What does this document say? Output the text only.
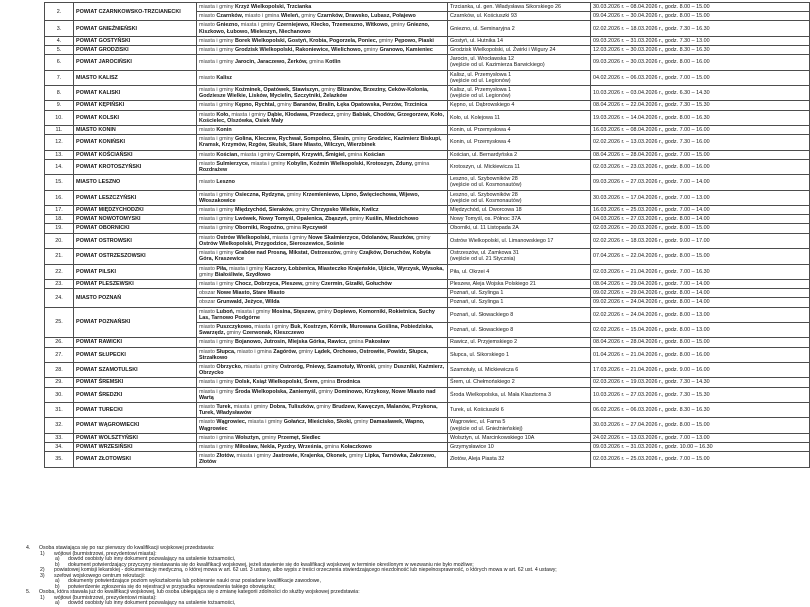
2.	POWIAT CZARNKOWSKO-TRZCIANECKI	miasta i gminy Krzyż Wielkopolski, Trzcianka	Trzcianka, ul. gen. Władysława Sikorskiego 26	30.03.2026 r. – 08.04.2026 r., godz. 8.00 – 15.00
		miasto Czarnków, miasto i gmina Wieleń, gminy Czarnków, Drawsko, Lubasz, Połajewo	Czarnków, ul. Kościuszki 93	09.04.2026 r. – 30.04.2026 r., godz. 8.00 – 15.00
3.	POWIAT GNIEŹNIEŃSKI	miasto Gniezno, miasta i gminy Czerniejewo, Kłecko, Trzemeszno, Witkowo, gminy Gniezno, Kiszkowo, Łubowo, Mieleszyn, Niechanowo	Gniezno, ul. Seminaryjna 2	02.02.2026 r. – 18.03.2026 r., godz. 7.30 – 16.30
4.	POWIAT GOSTYŃSKI	miasta i gminy Borek Wielkopolski, Gostyń, Krobia, Pogorzela, Poniec, gminy Pępowo, Piaski	Gostyń, ul. Hutnika 14	09.03.2026 r. – 31.03.2026 r., godz. 7.30 – 13.00
5.	POWIAT GRODZISKI	miasta i gminy Grodzisk Wielkopolski, Rakoniewice, Wielichowo, gminy Granowo, Kamieniec	Grodzisk Wielkopolski, ul. Żwirki i Wigury 24	12.03.2026 r. – 30.03.2026 r., godz. 8.30 – 16.30
6.	POWIAT JAROCIŃSKI	miasta i gminy Jarocin, Jaraczewo, Żerków, gmina Kotlin	Jarocin, ul. Wrocławska 12
(wejście od ul. Kazimierza Barwickiego)	09.03.2026 r. – 30.03.2026 r., godz. 8.00 – 16.00
7.	MIASTO KALISZ	miasto Kalisz	Kalisz, ul. Przemysłowa 1
(wejście od ul. Legionów)	04.02.2026 r. – 06.03.2026 r., godz. 7.00 – 15.00
8.	POWIAT KALISKI	miasta i gminy Koźminek, Opatówek, Stawiszyn, gminy Blizanów, Brzeziny, Ceków-Kolonia, Godziesze Wielkie, Lisków, Mycielin, Szczytniki, Żelazków	Kalisz, ul. Przemysłowa 1
(wejście od ul. Legionów)	10.03.2026 r. – 03.04.2026 r., godz. 6.30 – 14.30
9.	POWIAT KĘPIŃSKI	miasta i gminy Kępno, Rychtal, gminy Baranów, Bralin, Łęka Opatowska, Perzów, Trzcinica	Kępno, ul. Dąbrowskiego 4	08.04.2026 r. – 22.04.2026 r., godz. 7.30 – 15.30
10.	POWIAT KOLSKI	miasto Koło, miasta i gminy Dąbie, Kłodawa, Przedecz, gminy Babiak, Chodów, Grzegorzew, Koło, Kościelec, Olszówka, Osiek Mały	Koło, ul. Kolejowa 11	19.03.2026 r. – 14.04.2026 r., godz. 8.00 – 16.30
11.	MIASTO KONIN	miasto Konin	Konin, ul. Przemysłowa 4	16.03.2026 r. – 08.04.2026 r., godz. 7.00 – 16.00
12.	POWIAT KONIŃSKI	miasta i gminy Golina, Kleczew, Rychwał, Sompolno, Ślesin, gminy Grodziec, Kazimierz Biskupi, Kramsk, Krzymów, Rzgów, Skulsk, Stare Miasto, Wilczyn, Wierzbinek	Konin, ul. Przemysłowa 4	02.02.2026 r. – 13.03.2026 r., godz. 7.30 – 16.00
13.	POWIAT KOŚCIAŃSKI	miasto Kościan, miasta i gminy Czempiń, Krzywiń, Śmigiel, gmina Kościan	Kościan, ul. Bernardyńska 2	08.04.2026 r. – 28.04.2026 r., godz. 7.00 – 15.00
14.	POWIAT KROTOSZYŃSKI	miasto Sulmierzyce, miasta i gminy Kobylin, Koźmin Wielkopolski, Krotoszyn, Zduny, gmina Rozdrażew	Krotoszyn, ul. Mickiewicza 11	02.03.2026 r. – 23.03.2026 r., godz. 8.00 – 16.00
15.	MIASTO LESZNO	miasto Leszno	Leszno, ul. Szybowników 28
(wejście od ul. Kosmonautów)	09.03.2026 r. – 27.03.2026 r., godz. 7.00 – 14.00
16.	POWIAT LESZCZYŃSKI	miasta i gminy Osieczna, Rydzyna, gminy Krzemieniewo, Lipno, Święciechowa, Wijewo, Włoszakowice	Leszno, ul. Szybowników 28
(wejście od ul. Kosmonautów)	30.03.2026 r. – 17.04.2026 r., godz. 7.00 – 13.00
17.	POWIAT MIĘDZYCHODZKI	miasta i gminy Międzychód, Sieraków, gminy Chrzypsko Wielkie, Kwilcz	Międzychód, ul. Dworcowa 18	16.03.2026 r. – 25.03.2026 r., godz. 7.00 – 14.00
18.	POWIAT NOWOTOMYSKI	miasta i gminy Lwówek, Nowy Tomyśl, Opalenica, Zbąszyń, gminy Kuślin, Miedzichowo	Nowy Tomyśl, os. Północ 37A	04.03.2026 r. – 27.03.2026 r., godz. 8.00 – 14.00
19.	POWIAT OBORNICKI	miasta i gminy Oborniki, Rogoźno, gmina Ryczywół	Oborniki, ul. 11 Listopada 2A	02.03.2026 r. – 20.03.2026 r., godz. 8.00 – 15.00
20.	POWIAT OSTROWSKI	miasto Ostrów Wielkopolski, miasta i gminy Nowe Skalmierzyce, Odolanów, Raszków, gminy Ostrów Wielkopolski, Przygodzice, Sieroszewice, Sośnie	Ostrów Wielkopolski, ul. Limanowskiego 17	02.02.2026 r. – 18.03.2026 r., godz. 9.00 – 17.00
21.	POWIAT OSTRZESZOWSKI	miasta i gminy Grabów nad Prosną, Mikstat, Ostrzeszów, gminy Czajków, Doruchów, Kobyla Góra, Kraszewice	Ostrzeszów, ul. Zamkowa 31
(wejście od ul. 21 Stycznia)	07.04.2026 r. – 22.04.2026 r., godz. 8.00 – 15.00
22.	POWIAT PILSKI	miasto Piła, miasta i gminy Kaczory, Łobżenica, Miasteczko Krajeńskie, Ujście, Wyrzysk, Wysoka, gminy Białośliwie, Szydłowo	Piła, ul. Okrzei 4	02.03.2026 r. – 21.04.2026 r., godz. 7.00 – 16.30
23.	POWIAT PLESZEWSKI	miasta i gminy Chocz, Dobrzyca, Pleszew, gminy Czermin, Gizałki, Gołuchów	Pleszew, Aleja Wojska Polskiego 21	08.04.2026 r. – 29.04.2026 r., godz. 7.00 – 14.00
24.	MIASTO POZNAŃ	obszar Nowe Miasto, Stare Miasto	Poznań, ul. Szylinga 1	09.02.2026 r. – 29.04.2026 r., godz. 8.00 – 14.00
		obszar Grunwald, Jeżyce, Wilda	Poznań, ul. Szylinga 1	09.02.2026 r. – 24.04.2026 r., godz. 8.00 – 14.00
25.	POWIAT POZNAŃSKI	miasto Luboń, miasta i gminy Mosina, Stęszew, gminy Dopiewo, Komorniki, Rokietnica, Suchy Las, Tarnowo Podgórne	Poznań, ul. Słowackiego 8	02.02.2026 r. – 24.04.2026 r., godz. 8.00 – 13.00
		miasto Puszczykowo, miasta i gminy Buk, Kostrzyn, Kórnik, Murowana Goślina, Pobiedziska, Swarzędz, gminy Czerwonak, Kleszczewo	Poznań, ul. Słowackiego 8	02.02.2026 r. – 15.04.2026 r., godz. 8.00 – 13.00
26.	POWIAT RAWICKI	miasta i gminy Bojanowo, Jutrosin, Miejska Górka, Rawicz, gmina Pakosław	Rawicz, ul. Przyjemskiego 2	08.04.2026 r. – 28.04.2026 r., godz. 8.00 – 15.00
27.	POWIAT SŁUPECKI	miasto Słupca, miasto i gmina Zagórów, gminy Lądek, Orchowo, Ostrowite, Powidz, Słupca, Strzałkowo	Słupca, ul. Sikorskiego 1	01.04.2026 r. – 21.04.2026 r., godz. 8.00 – 16.00
28.	POWIAT SZAMOTULSKI	miasto Obrzycko, miasta i gminy Ostroróg, Pniewy, Szamotuły, Wronki, gminy Duszniki, Kaźmierz, Obrzycko	Szamotuły, ul. Mickiewicza 6	17.03.2026 r. – 21.04.2026 r., godz. 9.00 – 16.00
29.	POWIAT ŚREMSKI	miasta i gminy Dolsk, Książ Wielkopolski, Śrem, gmina Brodnica	Śrem, ul. Chełmońskiego 2	02.03.2026 r. – 19.03.2026 r., godz. 7.30 – 14.30
30.	POWIAT ŚREDZKI	miasta i gminy Środa Wielkopolska, Zaniemyśl, gminy Dominowo, Krzykosy, Nowe Miasto nad Wartą	Środa Wielkopolska, ul. Mała Klasztorna 3	10.03.2026 r. – 27.03.2026 r., godz. 7.30 – 15.30
31.	POWIAT TURECKI	miasto Turek, miasta i gminy Dobra, Tuliszków, gminy Brudzew, Kawęczyn, Malanów, Przykona, Turek, Władysławów	Turek, ul. Kościuszki 6	06.02.2026 r. – 06.03.2026 r., godz. 8.30 – 16.30
32.	POWIAT WĄGROWIECKI	miasto Wągrowiec, miasta i gminy Gołańcz, Mieścisko, Skoki, gminy Damasławek, Wapno, Wągrowiec	Wągrowiec, ul. Farna 5
(wejście od ul. Gnieźnieńskiej)	30.03.2026 r. – 27.04.2026 r., godz. 8.00 – 15.00
33.	POWIAT WOLSZTYŃSKI	miasto i gmina Wolsztyn, gminy Przemęt, Siedlec	Wolsztyn, ul. Marcinkowskiego 10A	24.02.2026 r. – 13.03.2026 r., godz. 7.00 – 13.00
34.	POWIAT WRZESIŃSKI	miasta i gminy Miłosław, Nekla, Pyzdry, Września, gmina Kołaczkowo	Grzymysławice 10	09.03.2026 r. – 31.03.2026 r., godz. 10.00 – 16.30
35.	POWIAT ZŁOTOWSKI	miasto Złotów, miasta i gminy Jastrowie, Krajenka, Okonek, gminy Lipka, Tarnówka, Zakrzewo, Złotów	Złotów, Aleja Piasta 32	02.03.2026 r. – 25.03.2026 r., godz. 7.00 – 15.00
4.	Osoba stawiająca się po raz pierwszy do kwalifikacji wojskowej przedstawia:
1)	wójtowi (burmistrzowi, prezydentowi miasta):
a)	dowód osobisty lub inny dokument pozwalający na ustalenie tożsamości,
b)	dokument potwierdzający przyczyny niestawania się do kwalifikacji wojskowej, jeżeli stawienie się do kwalifikacji wojskowej w terminie określonym w wezwaniu nie było możliwe;
2)	powiatowej komisji lekarskiej - dokumentację medyczną, o której mowa w art. 62 ust. 3 ustawy, albo wypis z treści orzeczenia stwierdzającego niezdolność lub niepełnosprawność, o których mowa w art. 62 ust. 4 ustawy;
3)	szefowi wojskowego centrum rekrutacji:
a)	dokumenty potwierdzające poziom wykształcenia lub pobieranie nauki oraz posiadane kwalifikacje zawodowe,
b)	potwierdzenie zgłoszenia się do rejestracji w przypadku wprowadzenia takiego obowiązku;
5.	Osoba, która stawała już do kwalifikacji wojskowej, lub osoba ubiegająca się o zmianę kategorii zdolności do służby wojskowej przedstawia:
1)	wójtowi (burmistrzowi, prezydentowi miasta):
a)	dowód osobisty lub inny dokument pozwalający na ustalenie tożsamości,
